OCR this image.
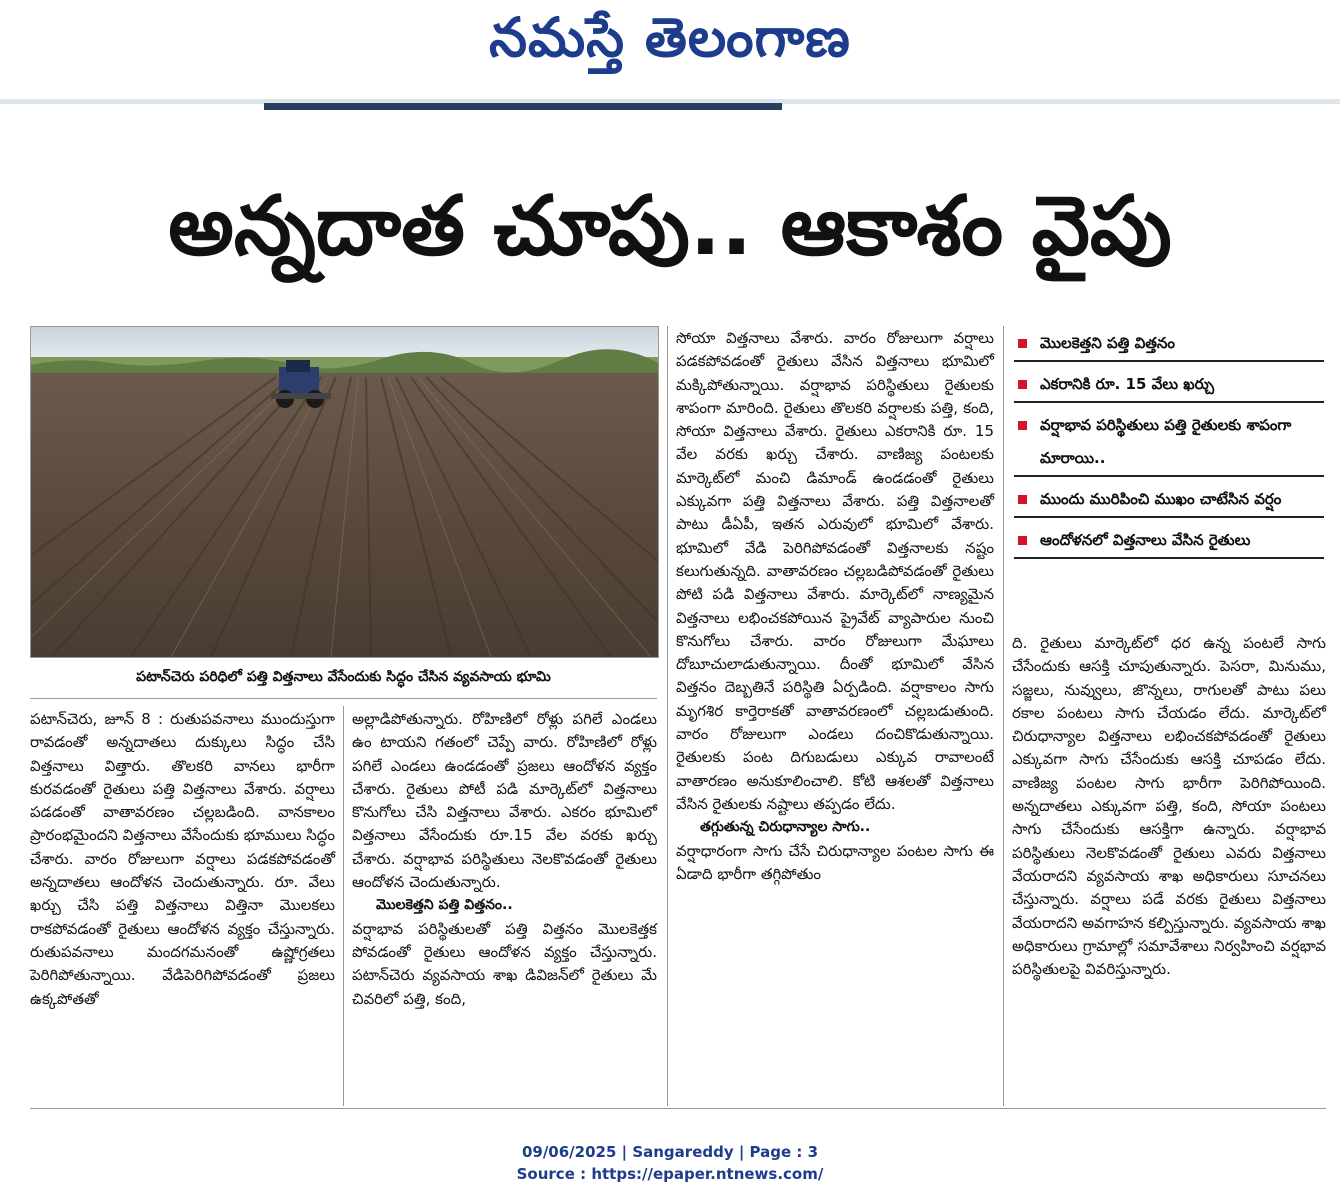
నమస్తే తెలంగాణ
అన్నదాత చూపు.. ఆకాశం వైపు
పటాన్‌చెరు పరిధిలో పత్తి విత్తనాలు వేసేందుకు సిద్ధం చేసిన వ్యవసాయ భూమి

పటాన్‌చెరు, జూన్ 8 : రుతుపవనాలు ముందుస్తుగా రావడంతో అన్నదాతలు దుక్కులు సిద్ధం చేసి విత్తనాలు విత్తారు. తొలకరి వానలు భారీగా కురవడంతో రైతులు పత్తి విత్తనాలు వేశారు. వర్షాలు పడడంతో వాతావరణం చల్లబడింది. వానకాలం ప్రారంభమైందని విత్తనాలు వేసేందుకు భూములు సిద్ధం చేశారు. వారం రోజులుగా వర్షాలు పడకపోవడంతో అన్నదాతలు ఆందోళన చెందుతున్నారు. రూ. వేలు ఖర్చు చేసి పత్తి విత్తనాలు విత్తినా మొలకలు రాకపోవడంతో రైతులు ఆందోళన వ్యక్తం చేస్తున్నారు. రుతుపవనాలు మందగమనంతో ఉష్ణోగ్రతలు పెరిగిపోతున్నాయి. వేడిపెరిగిపోవడంతో ప్రజలు ఉక్కపోతతో

అల్లాడిపోతున్నారు. రోహిణిలో రోళ్లు పగిలే ఎండలు ఉం టాయని గతంలో చెప్పే వారు. రోహిణిలో రోళ్లు పగిలే ఎండలు ఉండడంతో ప్రజలు ఆందోళన వ్యక్తం చేశారు. రైతులు పోటీ పడి మార్కెట్‌లో విత్తనాలు కొనుగోలు చేసి విత్తనాలు వేశారు. ఎకరం భూమిలో విత్తనాలు వేసేందుకు రూ.15 వేల వరకు ఖర్చు చేశారు. వర్షాభావ పరిస్థితులు నెలకొవడంతో రైతులు ఆందోళన చెందుతున్నారు.

మొలకెత్తని పత్తి విత్తనం..

వర్షాభావ పరిస్థితులతో పత్తి విత్తనం మొలకెత్తక పోవడంతో రైతులు ఆందోళన వ్యక్తం చేస్తున్నారు. పటాన్‌చెరు వ్యవసాయ శాఖ డివిజన్‌లో రైతులు మే చివరిలో పత్తి, కంది,

సోయా విత్తనాలు వేశారు. వారం రోజులుగా వర్షాలు పడకపోవడంతో రైతులు వేసిన విత్తనాలు భూమిలో మక్కిపోతున్నాయి. వర్షాభావ పరిస్థితులు రైతులకు శాపంగా మారింది. రైతులు తొలకరి వర్షాలకు పత్తి, కంది, సోయా విత్తనాలు వేశారు. రైతులు ఎకరానికి రూ. 15 వేల వరకు ఖర్చు చేశారు. వాణిజ్య పంటలకు మార్కెట్‌లో మంచి డిమాండ్ ఉండడంతో రైతులు ఎక్కువగా పత్తి విత్తనాలు వేశారు. పత్తి విత్తనాలతో పాటు డీఏపీ, ఇతన ఎరువులో భూమిలో వేశారు. భూమిలో వేడి పెరిగిపోవడంతో విత్తనాలకు నష్టం కలుగుతున్నది. వాతావరణం చల్లబడిపోవడంతో రైతులు పోటి పడి విత్తనాలు వేశారు. మార్కెట్‌లో నాణ్యమైన విత్తనాలు లభించకపోయిన ప్రైవేట్ వ్యాపారుల నుంచి కొనుగోలు చేశారు. వారం రోజులుగా మేఘాలు దోబూచులాడుతున్నాయి. దీంతో భూమిలో వేసిన విత్తనం దెబ్బతినే పరిస్థితి ఏర్పడింది. వర్షాకాలం సాగు మృగశిర కార్తెరాకతో వాతావరణంలో చల్లబడుతుంది. వారం రోజులుగా ఎండలు దంచికొడుతున్నాయి. రైతులకు పంట దిగుబడులు ఎక్కువ రావాలంటే వాతారణం అనుకూలించాలి. కోటి ఆశలతో విత్తనాలు వేసిన రైతులకు నష్టాలు తప్పడం లేదు.

తగ్గుతున్న చిరుధాన్యాల సాగు..

వర్షాధారంగా సాగు చేసే చిరుధాన్యాల పంటల సాగు ఈ ఏడాది భారీగా తగ్గిపోతుం

మొలకెత్తని పత్తి విత్తనం
ఎకరానికి రూ. 15 వేలు ఖర్చు
వర్షాభావ పరిస్థితులు పత్తి రైతులకు శాపంగా మారాయి..
ముందు మురిపించి ముఖం చాటేసిన వర్షం
ఆందోళనలో విత్తనాలు వేసిన రైతులు

ది. రైతులు మార్కెట్‌లో ధర ఉన్న పంటలే సాగు చేసేందుకు ఆసక్తి చూపుతున్నారు. పెసరా, మినుము, సజ్జలు, నువ్వులు, జొన్నలు, రాగులతో పాటు పలు రకాల పంటలు సాగు చేయడం లేదు. మార్కెట్‌లో చిరుధాన్యాల విత్తనాలు లభించకపోవడంతో రైతులు ఎక్కువగా సాగు చేసేందుకు ఆసక్తి చూపడం లేదు. వాణిజ్య పంటల సాగు భారీగా పెరిగిపోయింది. అన్నదాతలు ఎక్కువగా పత్తి, కంది, సోయా పంటలు సాగు చేసేందుకు ఆసక్తిగా ఉన్నారు. వర్షాభావ పరిస్థితులు నెలకొవడంతో రైతులు ఎవరు విత్తనాలు వేయరాదని వ్యవసాయ శాఖ అధికారులు సూచనలు చేస్తున్నారు. వర్షాలు పడే వరకు రైతులు విత్తనాలు వేయరాదని అవగాహన కల్పిస్తున్నారు. వ్యవసాయ శాఖ అధికారులు గ్రామాల్లో సమావేశాలు నిర్వహించి వర్షభావ పరిస్థితులపై వివరిస్తున్నారు.

09/06/2025 | Sangareddy | Page : 3
Source : https://epaper.ntnews.com/
